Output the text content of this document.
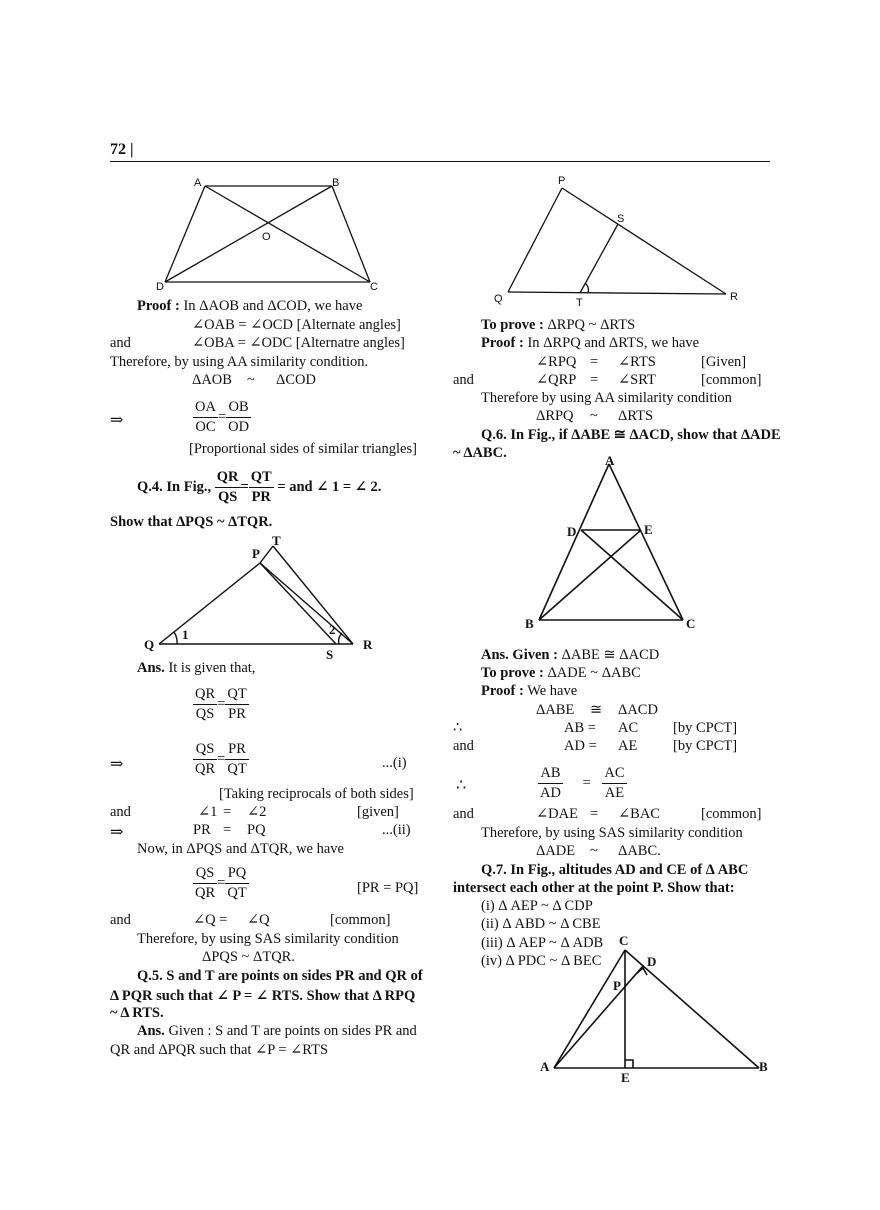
72 |
A	B
O
D	C
Proof : In ΔAOB and ΔCOD, we have
∠OAB = ∠OCD [Alternate angles]
and	∠OBA = ∠ODC [Alternatre angles]
Therefore, by using AA similarity condition.
ΔAOB ~ ΔCOD
⇒	$\frac{OA}{OC} = \frac{OB}{OD}$
[Proportional sides of similar triangles]
Q.4. In Fig., $\frac{QR}{QS} = \frac{QT}{PR}$ = and ∠ 1 = ∠ 2.
Show that ΔPQS ~ ΔTQR.
Q
P
T
1	2
S
R
Ans. It is given that,
$\frac{QR}{QS} = \frac{QT}{PR}$
⇒	$\frac{QS}{QR} = \frac{PR}{QT}$	...(i)
[Taking reciprocals of both sides]
and	∠1 = ∠2	[given]
⇒	PR = PQ	...(ii)
Now, in ΔPQS and ΔTQR, we have
$\frac{QS}{QR} = \frac{PQ}{QT}$	[PR = PQ]
and	∠Q = ∠Q	[common]
Therefore, by using SAS similarity condition
ΔPQS ~ ΔTQR.
Q.5. S and T are points on sides PR and QR of
Δ PQR such that ∠ P = ∠ RTS. Show that Δ RPQ
~ Δ RTS.
Ans. Given : S and T are points on sides PR and
QR and ΔPQR such that ∠P = ∠RTS
P
S
Q	T	R
To prove : ΔRPQ ~ ΔRTS
Proof : In ΔRPQ and ΔRTS, we have
∠RPQ = ∠RTS	[Given]
and	∠QRP = ∠SRT	[common]
Therefore by using AA similarity condition
ΔRPQ ~ ΔRTS
Q.6. In Fig., if ΔABE ≅ ΔACD, show that ΔADE
~ ΔABC.	A
D	E
B	C
Ans. Given : ΔABE ≅ ΔACD
To prove : ΔADE ~ ΔABC
Proof : We have
ΔABE ≅ ΔACD
∴	AB = AC [by CPCT]
and	AD = AE [by CPCT]
∴	$\frac{AB}{AD} = \frac{AC}{AE}$
and	∠DAE = ∠BAC	[common]
Therefore, by using SAS similarity condition
ΔADE ~ ΔABC.
Q.7. In Fig., altitudes AD and CE of Δ ABC
intersect each other at the point P. Show that:
(i) Δ AEP ~ Δ CDP
(ii) Δ ABD ~ Δ CBE
(iii) Δ AEP ~ Δ ADB
(iv) Δ PDC ~ Δ BEC
C
D
P
A
E
B
